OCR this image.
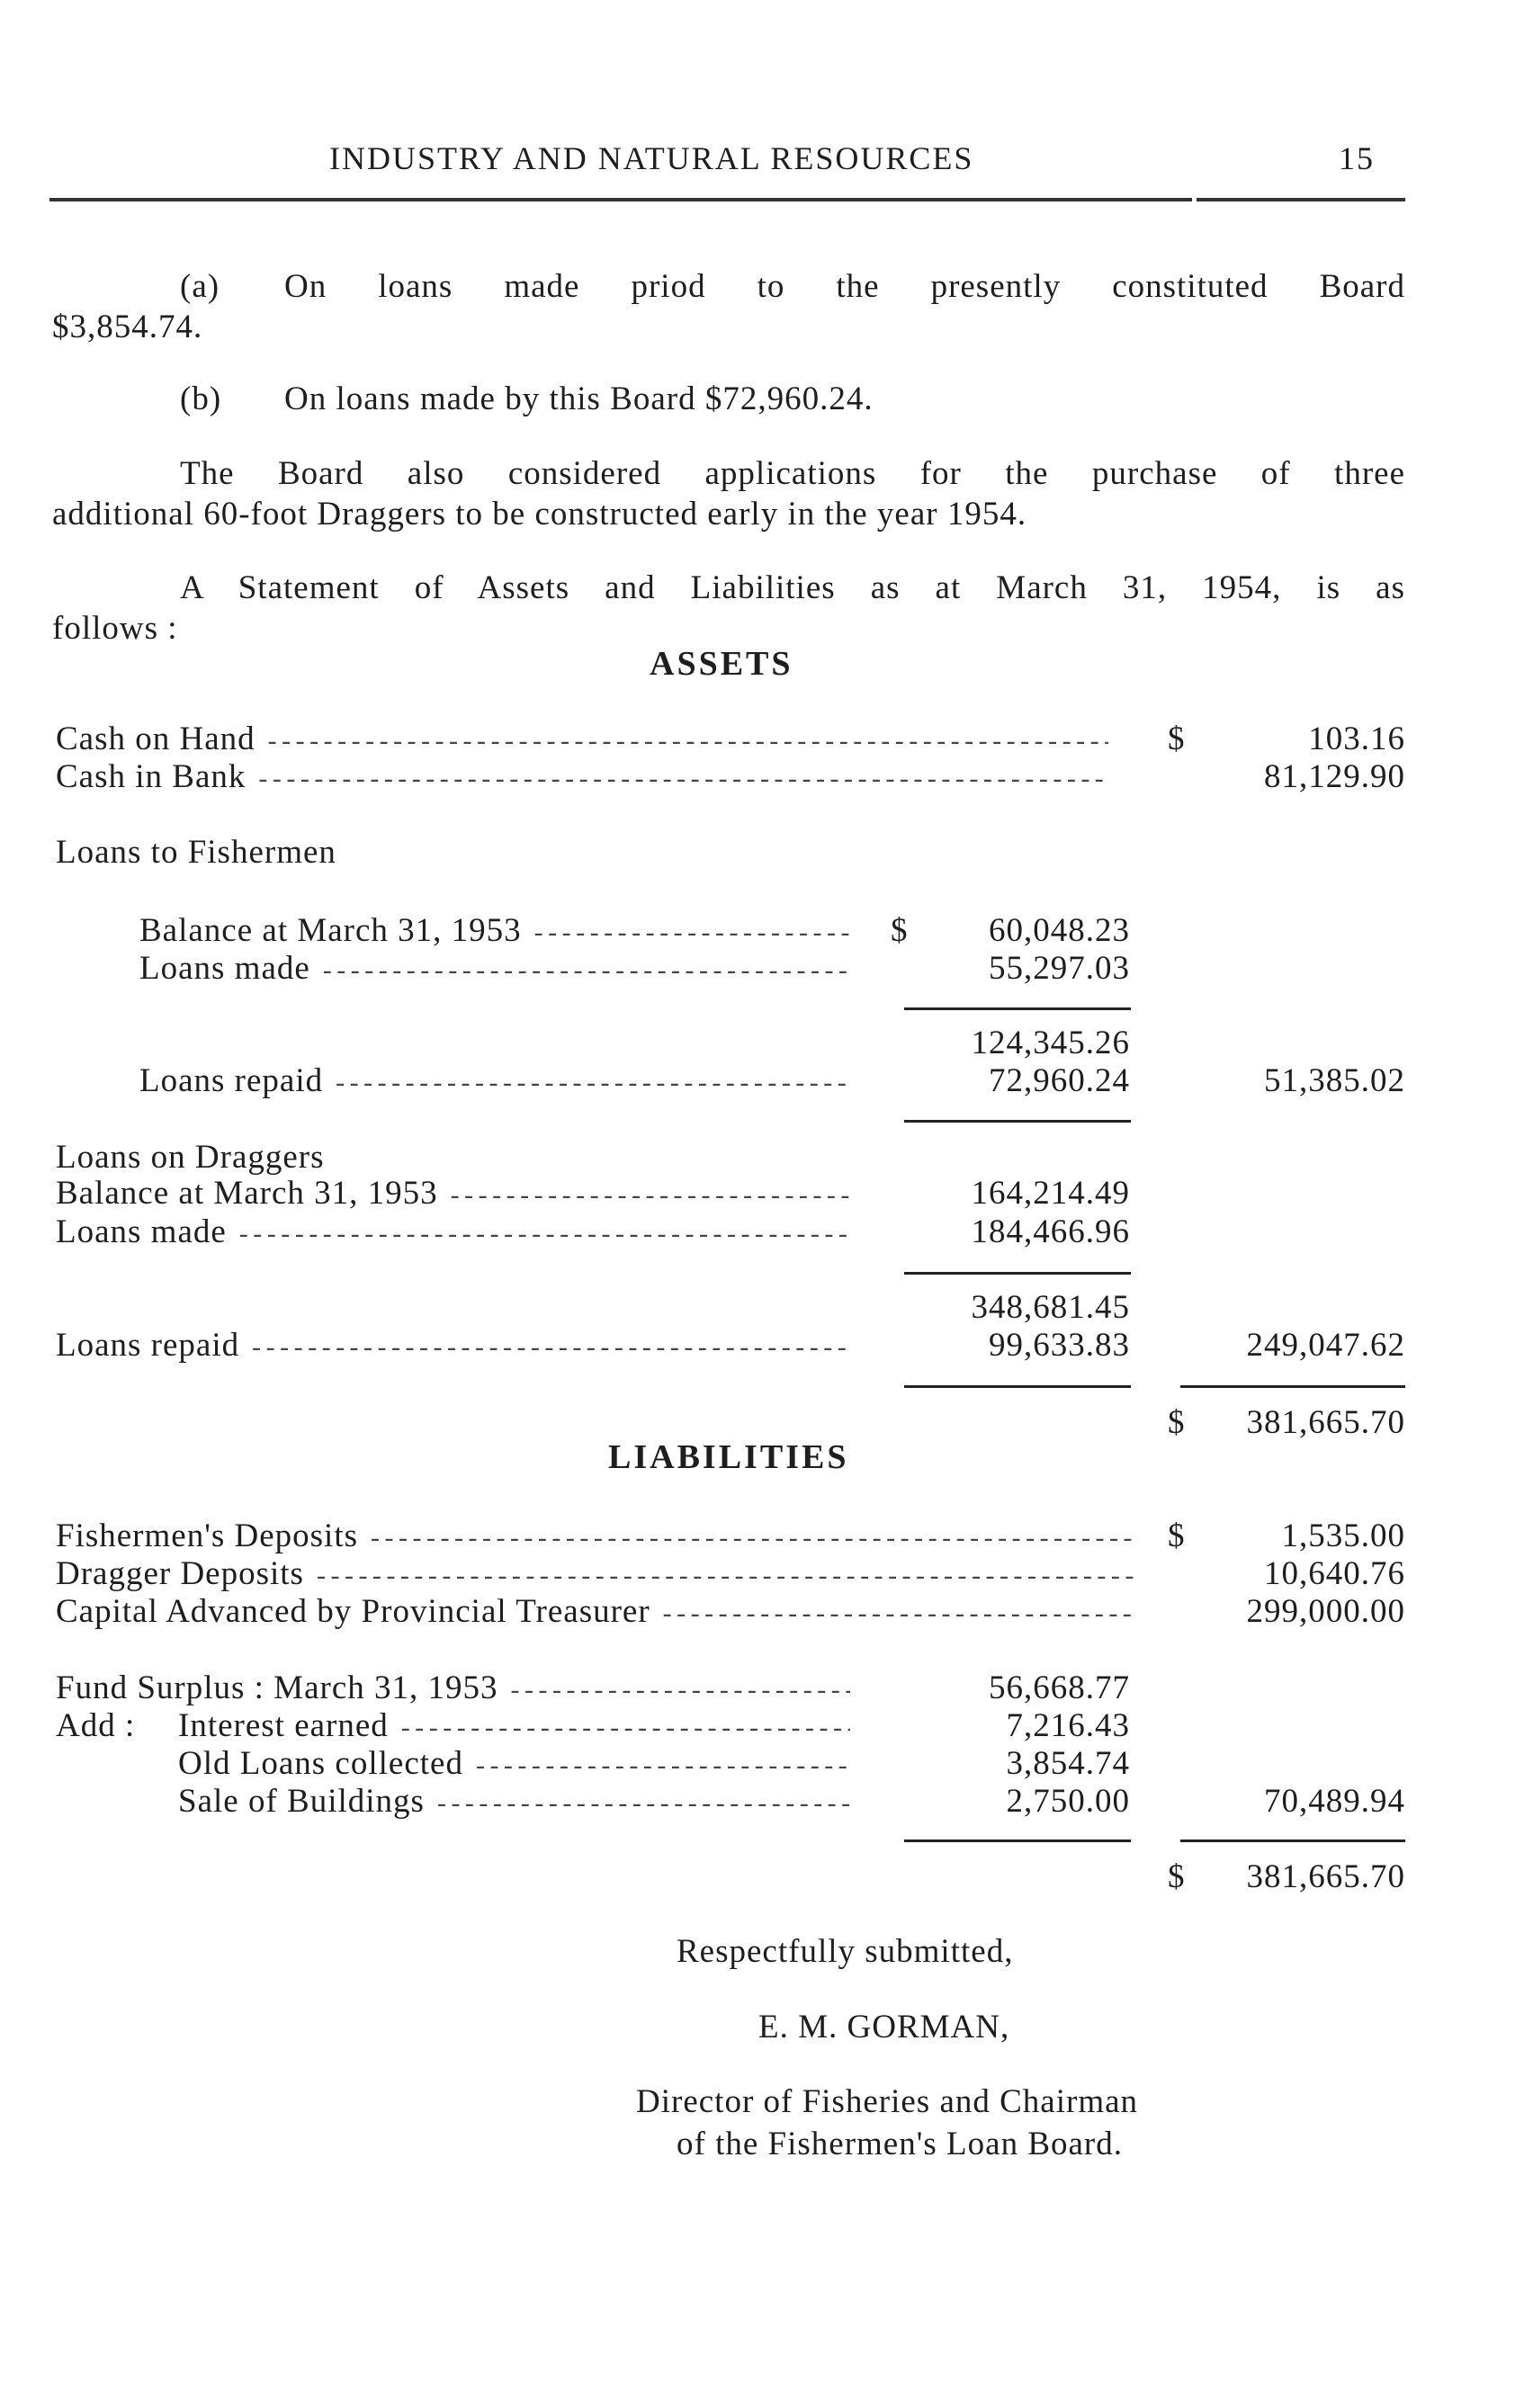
INDUSTRY AND NATURAL RESOURCES	15
(a) On loans made priod to the presently constituted Board
$3,854.74.
(b) On loans made by this Board $72,960.24.
The Board also considered applications for the purchase of three
additional 60-foot Draggers to be constructed early in the year 1954.
A Statement of Assets and Liabilities as at March 31, 1954, is as
follows :
ASSETS
Cash on Hand - - -	$	103.16
Cash in Bank - - -	81,129.90
Loans to Fishermen
Balance at March 31, 1953 - - -	$	60,048.23
Loans made - - -	55,297.03
124,345.26
Loans repaid - - -	72,960.24	51,385.02
Loans on Draggers
Balance at March 31, 1953 - - -	164,214.49
Loans made - - -	184,466.96
348,681.45
Loans repaid - - -	99,633.83	249,047.62
$	381,665.70
LIABILITIES
Fishermen's Deposits - - -	$	1,535.00
Dragger Deposits - - -	10,640.76
Capital Advanced by Provincial Treasurer - - -	299,000.00
Fund Surplus : March 31, 1953 - - -	56,668.77
Add : Interest earned - - -	7,216.43
Old Loans collected - - -	3,854.74
Sale of Buildings - - -	2,750.00	70,489.94
$	381,665.70
Respectfully submitted,
E. M. GORMAN,
Director of Fisheries and Chairman
of the Fishermen's Loan Board.
